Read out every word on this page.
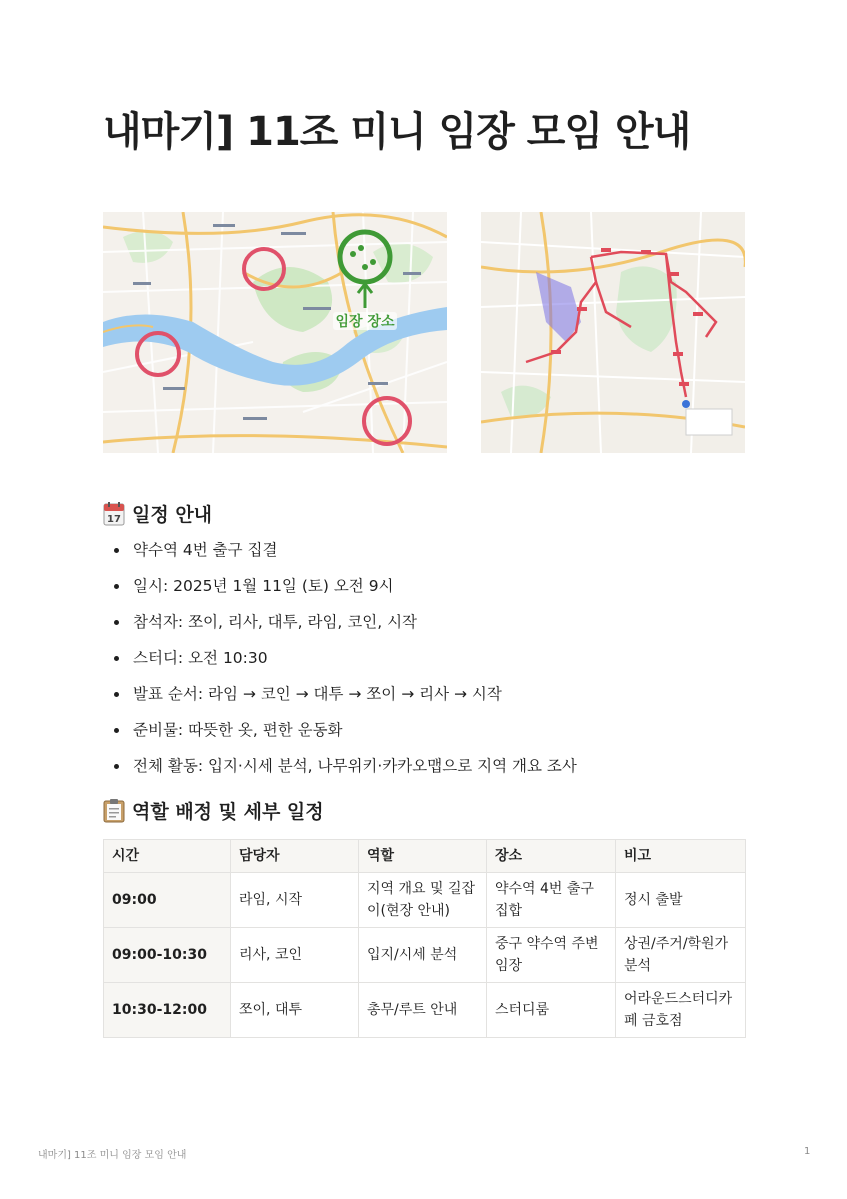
내마기] 11조 미니 임장 모임 안내
임장 장소
17 일정 안내
약수역 4번 출구 집결
일시: 2025년 1월 11일 (토) 오전 9시
참석자: 쪼이, 리사, 대투, 라임, 코인, 시작
스터디: 오전 10:30
발표 순서: 라임 → 코인 → 대투 → 쪼이 → 리사 → 시작
준비물: 따뜻한 옷, 편한 운동화
전체 활동: 입지·시세 분석, 나무위키·카카오맵으로 지역 개요 조사
역할 배정 및 세부 일정
시간	담당자	역할	장소	비고
09:00	라임, 시작	지역 개요 및 길잡이(현장 안내)	약수역 4번 출구 집합	정시 출발
09:00-10:30	리사, 코인	입지/시세 분석	중구 약수역 주변 임장	상권/주거/학원가 분석
10:30-12:00	쪼이, 대투	총무/루트 안내	스터디룸	어라운드스터디카페 금호점
내마기] 11조 미니 임장 모임 안내	1
